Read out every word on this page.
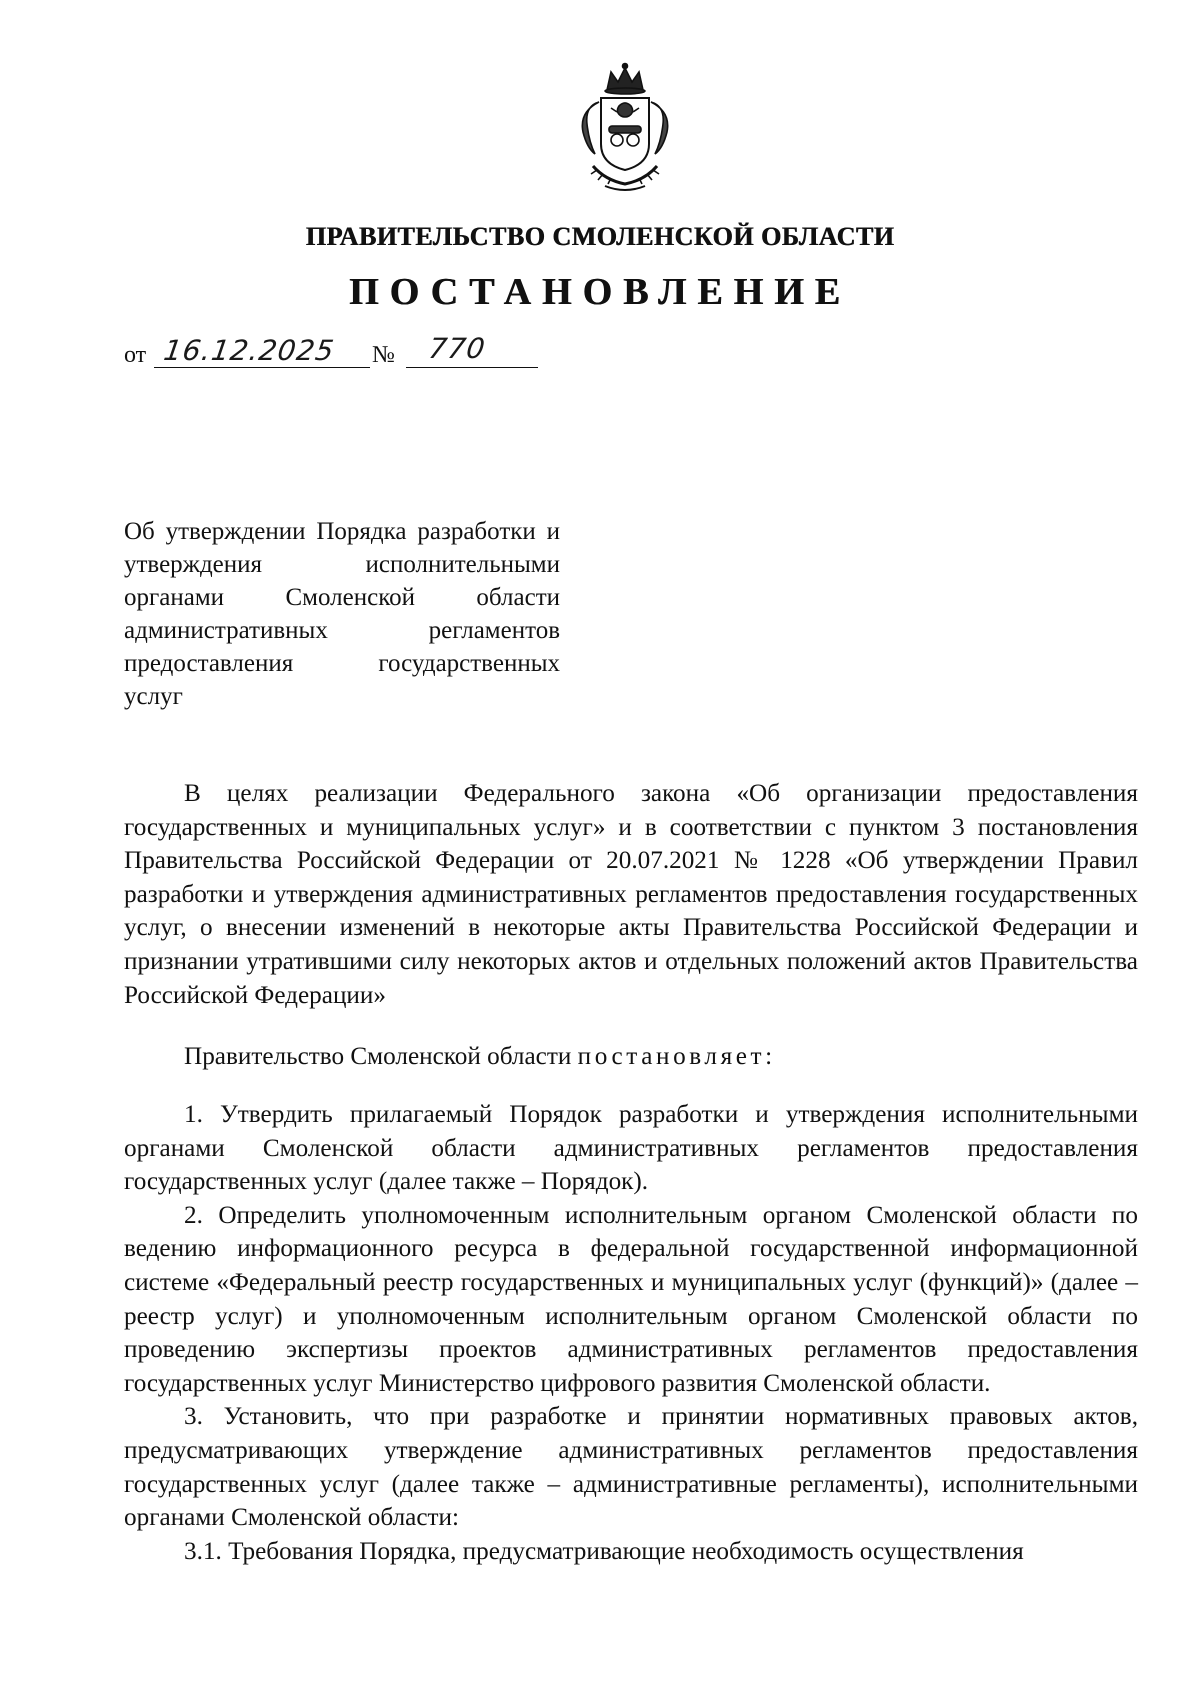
ПРАВИТЕЛЬСТВО СМОЛЕНСКОЙ ОБЛАСТИ
ПОСТАНОВЛЕНИЕ
от 16.12.2025 № 770
Об утверждении Порядка разработки и утверждения исполнительными органами Смоленской области административных регламентов предоставления государственных
услуг

В целях реализации Федерального закона «Об организации предоставления государственных и муниципальных услуг» и в соответствии с пунктом 3 постановления Правительства Российской Федерации от 20.07.2021 № 1228 «Об утверждении Правил разработки и утверждения административных регламентов предоставления государственных услуг, о внесении изменений в некоторые акты Правительства Российской Федерации и признании утратившими силу некоторых актов и отдельных положений актов Правительства Российской Федерации»

Правительство Смоленской области постановляет:

1. Утвердить прилагаемый Порядок разработки и утверждения исполнительными органами Смоленской области административных регламентов предоставления государственных услуг (далее также – Порядок).

2. Определить уполномоченным исполнительным органом Смоленской области по ведению информационного ресурса в федеральной государственной информационной системе «Федеральный реестр государственных и муниципальных услуг (функций)» (далее – реестр услуг) и уполномоченным исполнительным органом Смоленской области по проведению экспертизы проектов административных регламентов предоставления государственных услуг Министерство цифрового развития Смоленской области.

3. Установить, что при разработке и принятии нормативных правовых актов, предусматривающих утверждение административных регламентов предоставления государственных услуг (далее также – административные регламенты), исполнительными органами Смоленской области:

3.1. Требования Порядка, предусматривающие необходимость осуществления
